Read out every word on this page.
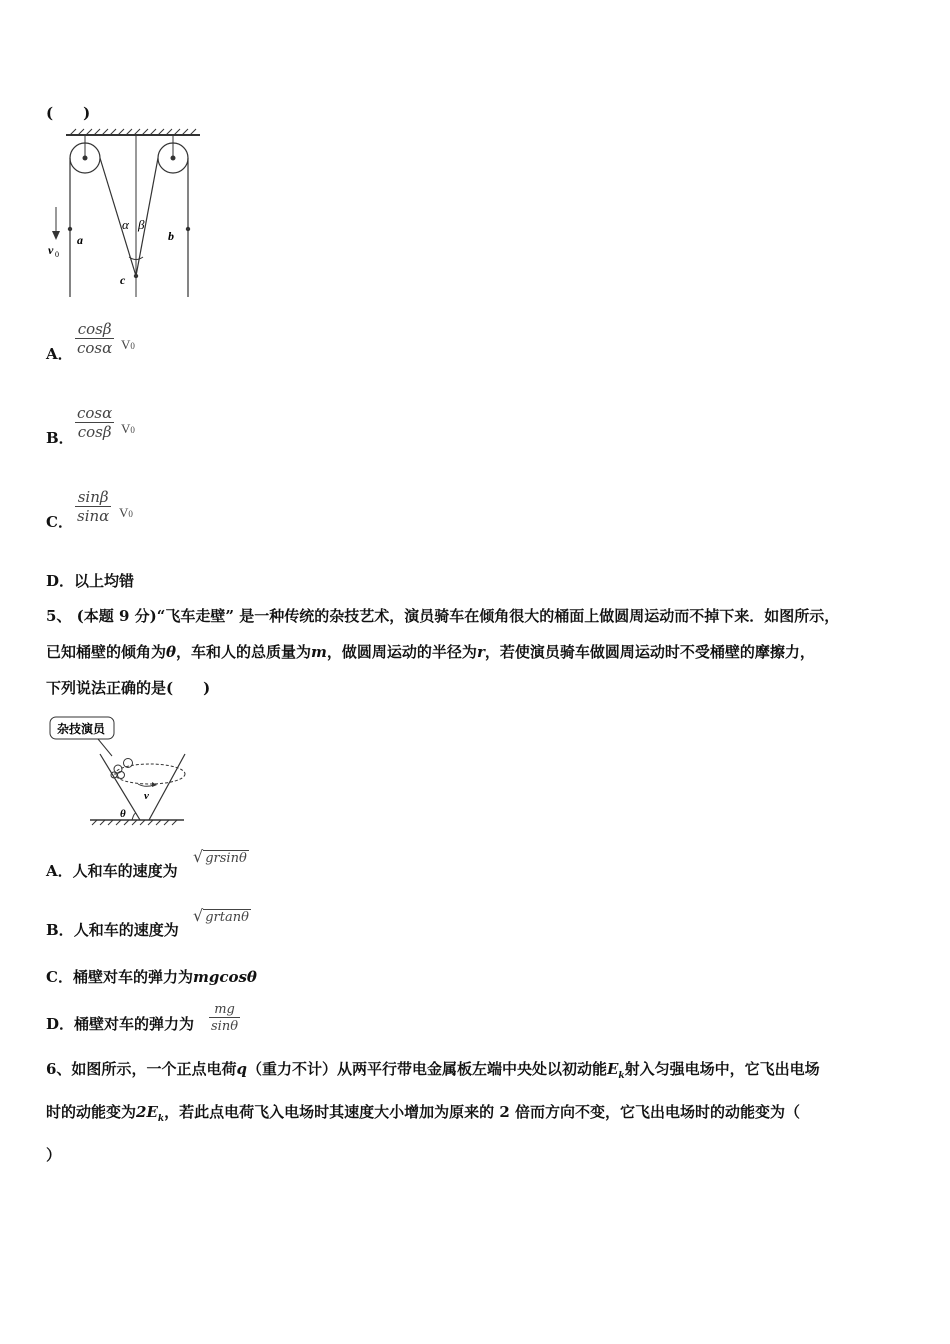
(　　)
v 0
a	b
c
α β
A． $\frac{\cos\beta}{\cos\alpha} V0$
B． $\frac{\cos\alpha}{\cos\beta} V0$
C． $\frac{\sin\beta}{\sin\alpha} V0$
D．以上均错
5、 (本题 9 分)“飞车走壁” 是一种传统的杂技艺术，演员骑车在倾角很大的桶面上做圆周运动而不掉下来．如图所示，
已知桶壁的倾角为θ，车和人的总质量为m，做圆周运动的半径为r，若使演员骑车做圆周运动时不受桶壁的摩擦力，
下列说法正确的是(　　)
杂技演员
v
θ
A．人和车的速度为
√ grsinθ
B．人和车的速度为
√ grtanθ
C．桶壁对车的弹力为mgcosθ
D．桶壁对车的弹力为 $\frac{mg}{\sin\theta}$
6、如图所示，一个正点电荷q（重力不计）从两平行带电金属板左端中央处以初动能$E_k$射入匀强电场中，它飞出电场
时的动能变为$2E_k$，若此点电荷飞入电场时其速度大小增加为原来的 2 倍而方向不变，它飞出电场时的动能变为（
）
